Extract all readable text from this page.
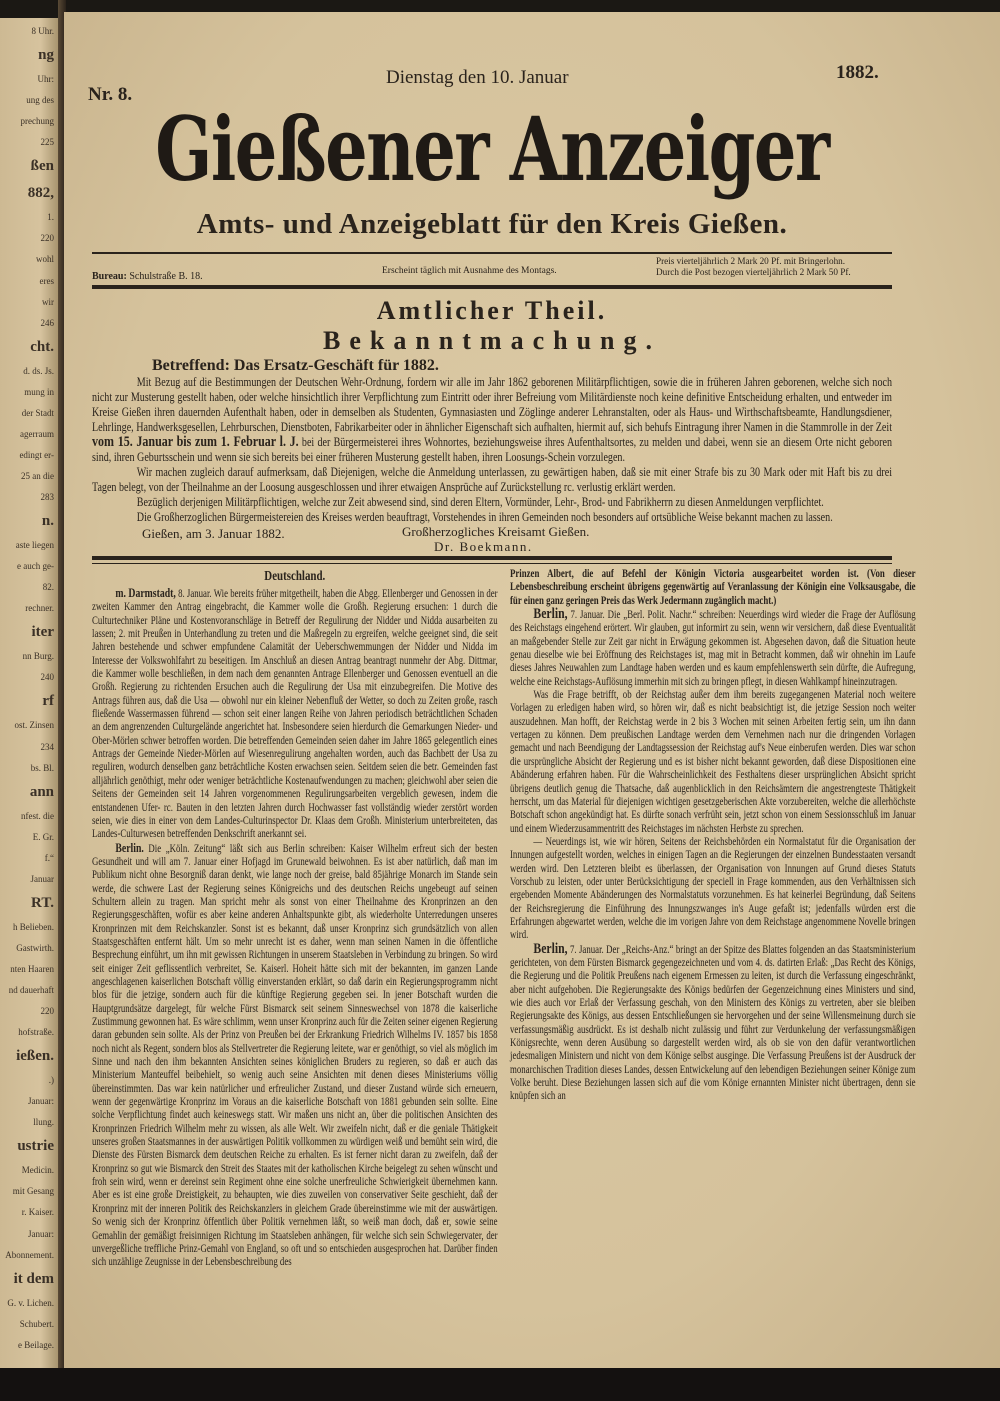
8 Uhr.
ng
Uhr:
ung des
prechung
225
ßen
882,
1.
220
wohl
eres
wir
246
cht.
d. ds. Js.
mung in
der Stadt
agerraum
edingt er-
25 an die
283
n.
aste liegen
e auch ge-
82.
rechner.
iter
nn Burg.
240
rf
ost. Zinsen
234
bs. Bl.
ann
nfest. die
E. Gr.
f.“
Januar
RT.
h Belieben.
Gastwirth.
nten Haaren
nd dauerhaft
220
hofstraße.
ießen.
.)
Januar:
llung.
ustrie
Medicin.
mit Gesang
r. Kaiser.
Januar:
Abonnement.
it dem
G. v. Lichen.
Schubert.
e Beilage.
Nr. 8.
Dienstag den 10. Januar	1882.
Gießener Anzeiger
Amts- und Anzeigeblatt für den Kreis Gießen.
Bureau: Schulstraße B. 18.	Erscheint täglich mit Ausnahme des Montags.
Preis vierteljährlich 2 Mark 20 Pf. mit Bringerlohn.
Durch die Post bezogen vierteljährlich 2 Mark 50 Pf.
Amtlicher Theil.
Bekanntmachung.
Betreffend: Das Ersatz-Geschäft für 1882.

Mit Bezug auf die Bestimmungen der Deutschen Wehr-Ordnung, fordern wir alle im Jahr 1862 geborenen Militärpflichtigen, sowie die in früheren Jahren geborenen, welche sich noch nicht zur Musterung gestellt haben, oder welche hinsichtlich ihrer Verpflichtung zum Eintritt oder ihrer Befreiung vom Militärdienste noch keine definitive Entscheidung erhalten, und entweder im Kreise Gießen ihren dauernden Aufenthalt haben, oder in demselben als Studenten, Gymnasiasten und Zöglinge anderer Lehranstalten, oder als Haus- und Wirthschaftsbeamte, Handlungsdiener, Lehrlinge, Handwerksgesellen, Lehrburschen, Dienstboten, Fabrikarbeiter oder in ähnlicher Eigenschaft sich aufhalten, hiermit auf, sich behufs Eintragung ihrer Namen in die Stammrolle in der Zeit vom 15. Januar bis zum 1. Februar l. J. bei der Bürgermeisterei ihres Wohnortes, beziehungsweise ihres Aufenthaltsortes, zu melden und dabei, wenn sie an diesem Orte nicht geboren sind, ihren Geburtsschein und wenn sie sich bereits bei einer früheren Musterung gestellt haben, ihren Loosungs-Schein vorzulegen.

Wir machen zugleich darauf aufmerksam, daß Diejenigen, welche die Anmeldung unterlassen, zu gewärtigen haben, daß sie mit einer Strafe bis zu 30 Mark oder mit Haft bis zu drei Tagen belegt, von der Theilnahme an der Loosung ausgeschlossen und ihrer etwaigen Ansprüche auf Zurückstellung rc. verlustig erklärt werden.

Bezüglich derjenigen Militärpflichtigen, welche zur Zeit abwesend sind, sind deren Eltern, Vormünder, Lehr-, Brod- und Fabrikherrn zu diesen Anmeldungen verpflichtet.

Die Großherzoglichen Bürgermeistereien des Kreises werden beauftragt, Vorstehendes in ihren Gemeinden noch besonders auf ortsübliche Weise bekannt machen zu lassen.

Gießen, am 3. Januar 1882.	Großherzogliches Kreisamt Gießen.
Dr. Boekmann.
Deutschland.

m. Darmstadt, 8. Januar. Wie bereits früher mitgetheilt, haben die Abgg. Ellenberger und Genossen in der zweiten Kammer den Antrag eingebracht, die Kammer wolle die Großh. Regierung ersuchen: 1 durch die Culturtechniker Pläne und Kostenvoranschläge in Betreff der Regulirung der Nidder und Nidda ausarbeiten zu lassen; 2. mit Preußen in Unterhandlung zu treten und die Maßregeln zu ergreifen, welche geeignet sind, die seit Jahren bestehende und schwer empfundene Calamität der Ueberschwemmungen der Nidder und Nidda im Interesse der Volkswohlfahrt zu beseitigen. Im Anschluß an diesen Antrag beantragt nunmehr der Abg. Dittmar, die Kammer wolle beschließen, in dem nach dem genannten Antrage Ellenberger und Genossen eventuell an die Großh. Regierung zu richtenden Ersuchen auch die Regulirung der Usa mit einzubegreifen. Die Motive des Antrags führen aus, daß die Usa — obwohl nur ein kleiner Nebenfluß der Wetter, so doch zu Zeiten große, rasch fließende Wassermassen führend — schon seit einer langen Reihe von Jahren periodisch beträchtlichen Schaden an dem angrenzenden Culturgelände angerichtet hat. Insbesondere seien hierdurch die Gemarkungen Nieder- und Ober-Mörlen schwer betroffen worden. Die betreffenden Gemeinden seien daher im Jahre 1865 gelegentlich eines Antrags der Gemeinde Nieder-Mörlen auf Wiesenregulirung angehalten worden, auch das Bachbett der Usa zu reguliren, wodurch denselben ganz beträchtliche Kosten erwachsen seien. Seitdem seien die betr. Gemeinden fast alljährlich genöthigt, mehr oder weniger beträchtliche Kostenaufwendungen zu machen; gleichwohl aber seien die Seitens der Gemeinden seit 14 Jahren vorgenommenen Regulirungsarbeiten vergeblich gewesen, indem die entstandenen Ufer- rc. Bauten in den letzten Jahren durch Hochwasser fast vollständig wieder zerstört worden seien, wie dies in einer von dem Landes-Culturinspector Dr. Klaas dem Großh. Ministerium unterbreiteten, das Landes-Culturwesen betreffenden Denkschrift anerkannt sei.

Berlin. Die „Köln. Zeitung“ läßt sich aus Berlin schreiben: Kaiser Wilhelm erfreut sich der besten Gesundheit und will am 7. Januar einer Hofjagd im Grunewald beiwohnen. Es ist aber natürlich, daß man im Publikum nicht ohne Besorgniß daran denkt, wie lange noch der greise, bald 85jährige Monarch im Stande sein werde, die schwere Last der Regierung seines Königreichs und des deutschen Reichs ungebeugt auf seinen Schultern allein zu tragen. Man spricht mehr als sonst von einer Theilnahme des Kronprinzen an den Regierungsgeschäften, wofür es aber keine anderen Anhaltspunkte gibt, als wiederholte Unterredungen unseres Kronprinzen mit dem Reichskanzler. Sonst ist es bekannt, daß unser Kronprinz sich grundsätzlich von allen Staatsgeschäften entfernt hält. Um so mehr unrecht ist es daher, wenn man seinen Namen in die öffentliche Besprechung einführt, um ihn mit gewissen Richtungen in unserem Staatsleben in Verbindung zu bringen. So wird seit einiger Zeit geflissentlich verbreitet, Se. Kaiserl. Hoheit hätte sich mit der bekannten, im ganzen Lande angeschlagenen kaiserlichen Botschaft völlig einverstanden erklärt, so daß darin ein Regierungsprogramm nicht blos für die jetzige, sondern auch für die künftige Regierung gegeben sei. In jener Botschaft wurden die Hauptgrundsätze dargelegt, für welche Fürst Bismarck seit seinem Sinneswechsel von 1878 die kaiserliche Zustimmung gewonnen hat. Es wäre schlimm, wenn unser Kronprinz auch für die Zeiten seiner eigenen Regierung daran gebunden sein sollte. Als der Prinz von Preußen bei der Erkrankung Friedrich Wilhelms IV. 1857 bis 1858 noch nicht als Regent, sondern blos als Stellvertreter die Regierung leitete, war er genöthigt, so viel als möglich im Sinne und nach den ihm bekannten Ansichten seines königlichen Bruders zu regieren, so daß er auch das Ministerium Manteuffel beibehielt, so wenig auch seine Ansichten mit denen dieses Ministeriums völlig übereinstimmten. Das war kein natürlicher und erfreulicher Zustand, und dieser Zustand würde sich erneuern, wenn der gegenwärtige Kronprinz im Voraus an die kaiserliche Botschaft von 1881 gebunden sein sollte. Eine solche Verpflichtung findet auch keineswegs statt. Wir maßen uns nicht an, über die politischen Ansichten des Kronprinzen Friedrich Wilhelm mehr zu wissen, als alle Welt. Wir zweifeln nicht, daß er die geniale Thätigkeit unseres großen Staatsmannes in der auswärtigen Politik vollkommen zu würdigen weiß und bemüht sein wird, die Dienste des Fürsten Bismarck dem deutschen Reiche zu erhalten. Es ist ferner nicht daran zu zweifeln, daß der Kronprinz so gut wie Bismarck den Streit des Staates mit der katholischen Kirche beigelegt zu sehen wünscht und froh sein wird, wenn er dereinst sein Regiment ohne eine solche unerfreuliche Schwierigkeit übernehmen kann. Aber es ist eine große Dreistigkeit, zu behaupten, wie dies zuweilen von conservativer Seite geschieht, daß der Kronprinz mit der inneren Politik des Reichskanzlers in gleichem Grade übereinstimme wie mit der auswärtigen. So wenig sich der Kronprinz öffentlich über Politik vernehmen läßt, so weiß man doch, daß er, sowie seine Gemahlin der gemäßigt freisinnigen Richtung im Staatsleben anhängen, für welche sich sein Schwiegervater, der unvergeßliche treffliche Prinz-Gemahl von England, so oft und so entschieden ausgesprochen hat. Darüber finden sich unzählige Zeugnisse in der Lebensbeschreibung des

Prinzen Albert, die auf Befehl der Königin Victoria ausgearbeitet worden ist. (Von dieser Lebensbeschreibung erscheint übrigens gegenwärtig auf Veranlassung der Königin eine Volksausgabe, die für einen ganz geringen Preis das Werk Jedermann zugänglich macht.)

Berlin, 7. Januar. Die „Berl. Polit. Nachr.“ schreiben: Neuerdings wird wieder die Frage der Auflösung des Reichstags eingehend erörtert. Wir glauben, gut informirt zu sein, wenn wir versichern, daß diese Eventualität an maßgebender Stelle zur Zeit gar nicht in Erwägung gekommen ist. Abgesehen davon, daß die Situation heute genau dieselbe wie bei Eröffnung des Reichstages ist, mag mit in Betracht kommen, daß wir ohnehin im Laufe dieses Jahres Neuwahlen zum Landtage haben werden und es kaum empfehlenswerth sein dürfte, die Aufregung, welche eine Reichstags-Auflösung immerhin mit sich zu bringen pflegt, in diesen Wahlkampf hineinzutragen.

Was die Frage betrifft, ob der Reichstag außer dem ihm bereits zugegangenen Material noch weitere Vorlagen zu erledigen haben wird, so hören wir, daß es nicht beabsichtigt ist, die jetzige Session noch weiter auszudehnen. Man hofft, der Reichstag werde in 2 bis 3 Wochen mit seinen Arbeiten fertig sein, um ihn dann vertagen zu können. Dem preußischen Landtage werden dem Vernehmen nach nur die dringenden Vorlagen gemacht und nach Beendigung der Landtagssession der Reichstag auf's Neue einberufen werden. Dies war schon die ursprüngliche Absicht der Regierung und es ist bisher nicht bekannt geworden, daß diese Dispositionen eine Abänderung erfahren haben. Für die Wahrscheinlichkeit des Festhaltens dieser ursprünglichen Absicht spricht übrigens deutlich genug die Thatsache, daß augenblicklich in den Reichsämtern die angestrengteste Thätigkeit herrscht, um das Material für diejenigen wichtigen gesetzgeberischen Akte vorzubereiten, welche die allerhöchste Botschaft schon angekündigt hat. Es dürfte sonach verfrüht sein, jetzt schon von einem Sessionsschluß im Januar und einem Wiederzusammentritt des Reichstages im nächsten Herbste zu sprechen.

— Neuerdings ist, wie wir hören, Seitens der Reichsbehörden ein Normalstatut für die Organisation der Innungen aufgestellt worden, welches in einigen Tagen an die Regierungen der einzelnen Bundesstaaten versandt werden wird. Den Letzteren bleibt es überlassen, der Organisation von Innungen auf Grund dieses Statuts Vorschub zu leisten, oder unter Berücksichtigung der speciell in Frage kommenden, aus den Verhältnissen sich ergebenden Momente Abänderungen des Normalstatuts vorzunehmen. Es hat keinerlei Begründung, daß Seitens der Reichsregierung die Einführung des Innungszwanges in's Auge gefaßt ist; jedenfalls würden erst die Erfahrungen abgewartet werden, welche die im vorigen Jahre von dem Reichstage angenommene Novelle bringen wird.

Berlin, 7. Januar. Der „Reichs-Anz.“ bringt an der Spitze des Blattes folgenden an das Staatsministerium gerichteten, von dem Fürsten Bismarck gegengezeichneten und vom 4. ds. datirten Erlaß: „Das Recht des Königs, die Regierung und die Politik Preußens nach eigenem Ermessen zu leiten, ist durch die Verfassung eingeschränkt, aber nicht aufgehoben. Die Regierungsakte des Königs bedürfen der Gegenzeichnung eines Ministers und sind, wie dies auch vor Erlaß der Verfassung geschah, von den Ministern des Königs zu vertreten, aber sie bleiben Regierungsakte des Königs, aus dessen Entschließungen sie hervorgehen und der seine Willensmeinung durch sie verfassungsmäßig ausdrückt. Es ist deshalb nicht zulässig und führt zur Verdunkelung der verfassungsmäßigen Königsrechte, wenn deren Ausübung so dargestellt werden wird, als ob sie von den dafür verantwortlichen jedesmaligen Ministern und nicht von dem Könige selbst ausginge. Die Verfassung Preußens ist der Ausdruck der monarchischen Tradition dieses Landes, dessen Entwickelung auf den lebendigen Beziehungen seiner Könige zum Volke beruht. Diese Beziehungen lassen sich auf die vom Könige ernannten Minister nicht übertragen, denn sie knüpfen sich an
